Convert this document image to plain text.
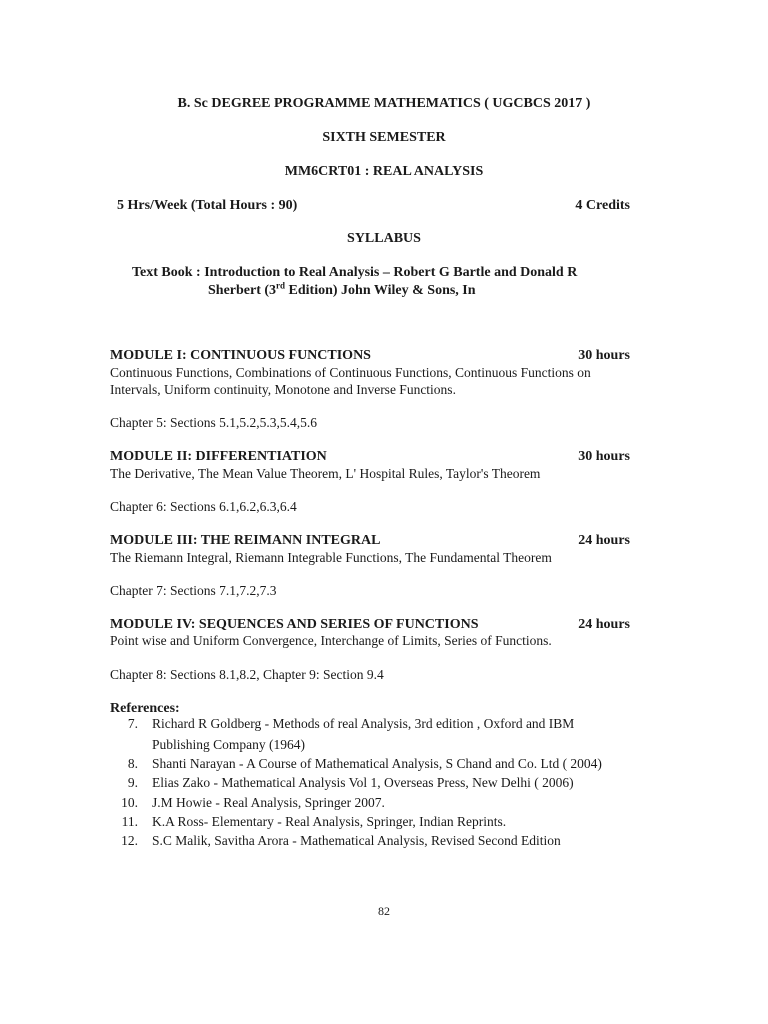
B. Sc DEGREE PROGRAMME MATHEMATICS ( UGCBCS 2017 )
SIXTH SEMESTER
MM6CRT01 : REAL ANALYSIS
5 Hrs/Week (Total Hours : 90)	4 Credits
SYLLABUS
Text Book : Introduction to Real Analysis – Robert G Bartle and Donald R
Sherbert (3rd Edition) John Wiley & Sons, In
MODULE I: CONTINUOUS FUNCTIONS	30 hours
Continuous Functions, Combinations of Continuous Functions, Continuous Functions on
Intervals, Uniform continuity, Monotone and Inverse Functions.
Chapter 5: Sections 5.1,5.2,5.3,5.4,5.6
MODULE II: DIFFERENTIATION	30 hours
The Derivative, The Mean Value Theorem, L' Hospital Rules, Taylor's Theorem
Chapter 6: Sections 6.1,6.2,6.3,6.4
MODULE III: THE REIMANN INTEGRAL	24 hours
The Riemann Integral, Riemann Integrable Functions, The Fundamental Theorem
Chapter 7: Sections 7.1,7.2,7.3
MODULE IV: SEQUENCES AND SERIES OF FUNCTIONS	24 hours
Point wise and Uniform Convergence, Interchange of Limits, Series of Functions.
Chapter 8: Sections 8.1,8.2, Chapter 9: Section 9.4
References:
7. Richard R Goldberg - Methods of real Analysis, 3rd edition , Oxford and IBM
Publishing Company (1964)
8. Shanti Narayan - A Course of Mathematical Analysis, S Chand and Co. Ltd ( 2004)
9. Elias Zako - Mathematical Analysis Vol 1, Overseas Press, New Delhi ( 2006)
10. J.M Howie - Real Analysis, Springer 2007.
11. K.A Ross- Elementary - Real Analysis, Springer, Indian Reprints.
12. S.C Malik, Savitha Arora - Mathematical Analysis, Revised Second Edition
82
